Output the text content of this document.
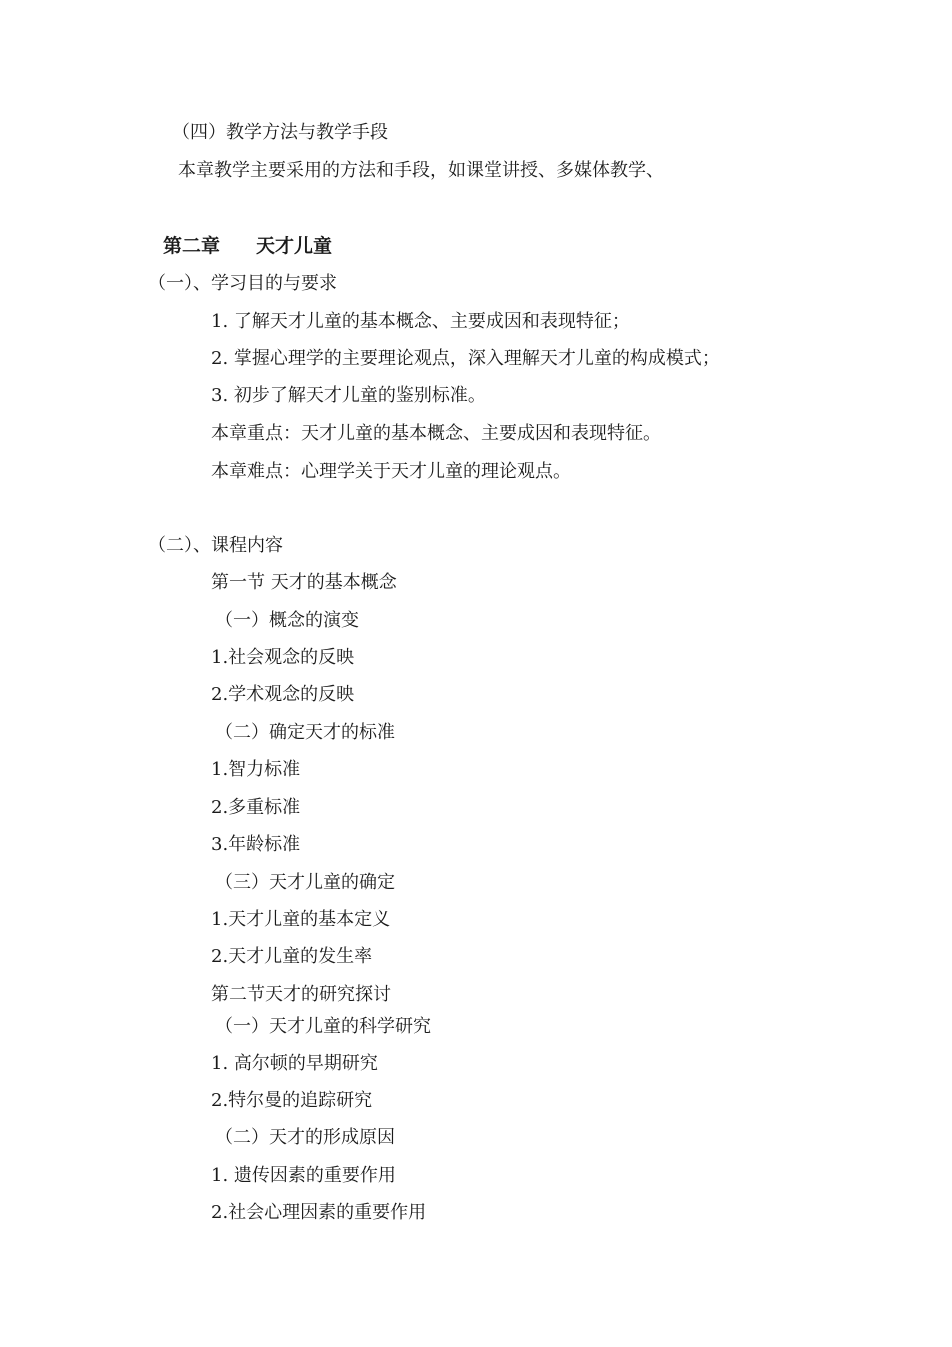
（四）教学方法与教学手段
本章教学主要采用的方法和手段，如课堂讲授、多媒体教学、
第二章 天才儿童
（一）、学习目的与要求
1. 了解天才儿童的基本概念、主要成因和表现特征；
2. 掌握心理学的主要理论观点，深入理解天才儿童的构成模式；
3. 初步了解天才儿童的鉴别标准。
本章重点：天才儿童的基本概念、主要成因和表现特征。
本章难点：心理学关于天才儿童的理论观点。
（二）、课程内容
第一节 天才的基本概念
（一）概念的演变
1.社会观念的反映
2.学术观念的反映
（二）确定天才的标准
1.智力标准
2.多重标准
3.年龄标准
（三）天才儿童的确定
1.天才儿童的基本定义
2.天才儿童的发生率
第二节天才的研究探讨
（一）天才儿童的科学研究
1. 高尔顿的早期研究
2.特尔曼的追踪研究
（二）天才的形成原因
1. 遗传因素的重要作用
2.社会心理因素的重要作用
